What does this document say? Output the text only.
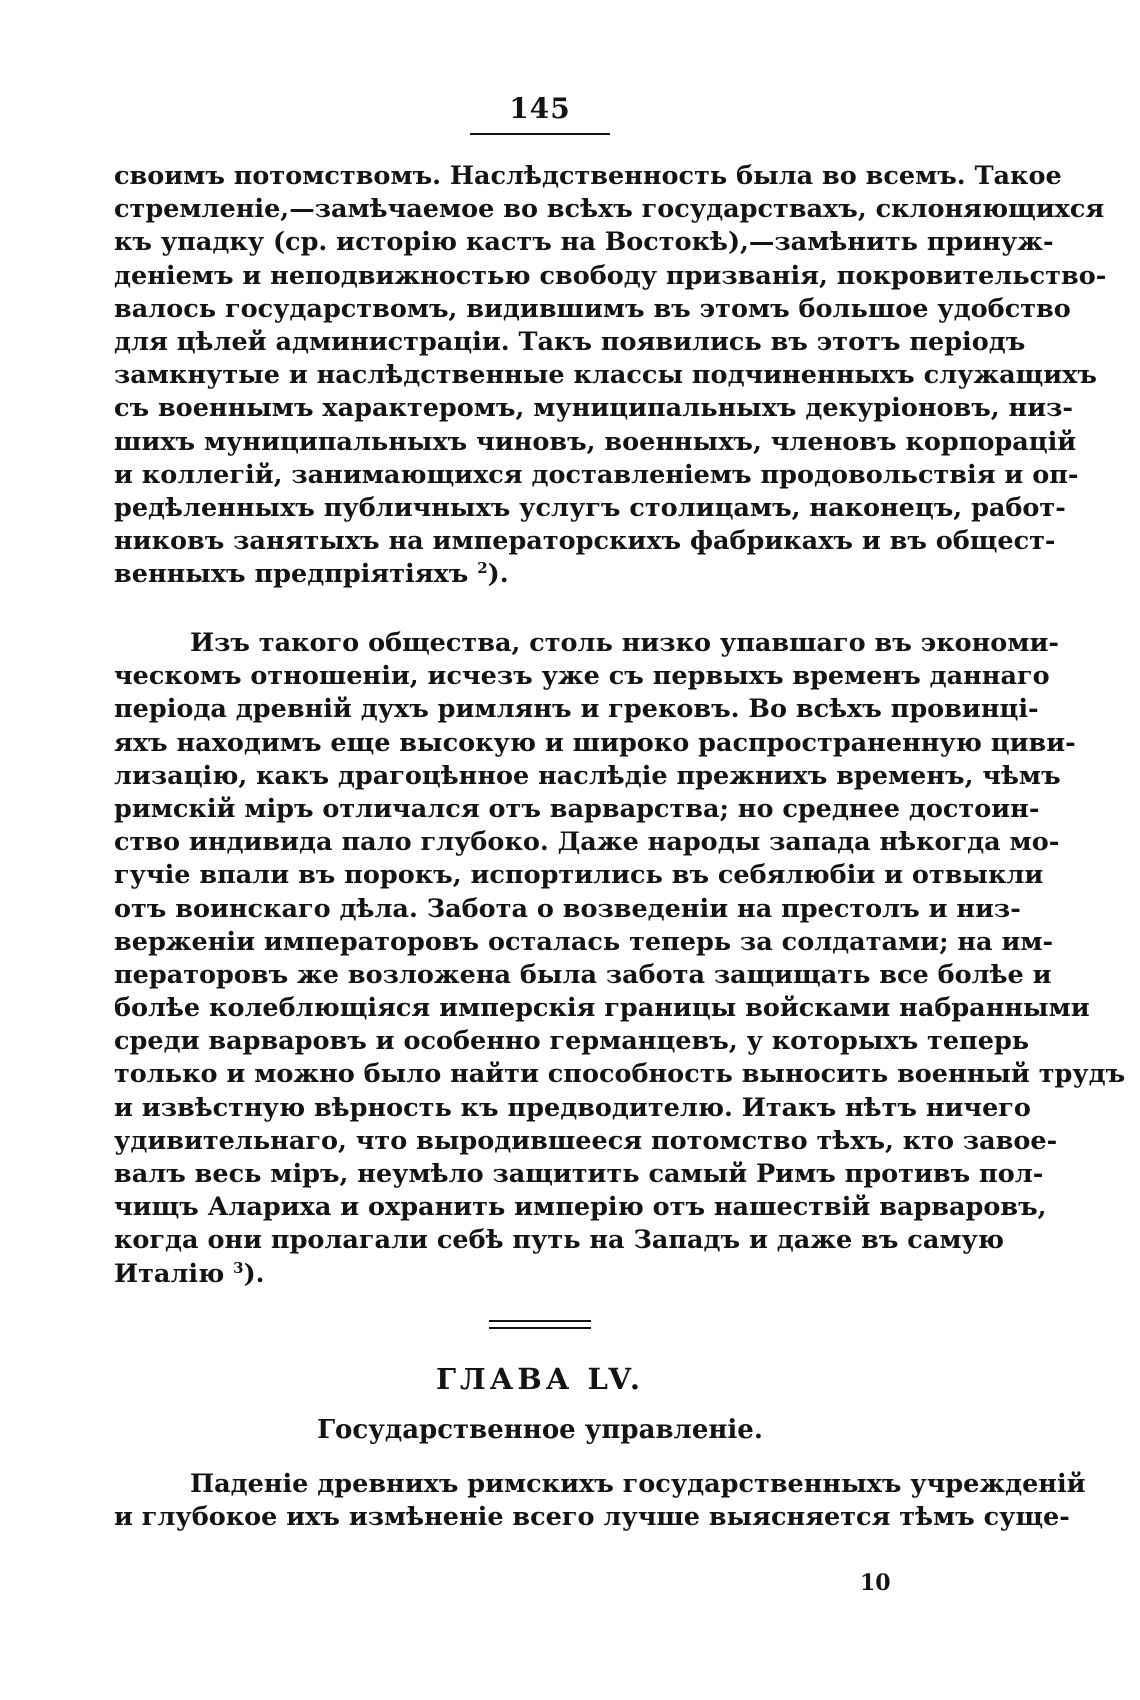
145
своимъ потомствомъ. Наслѣдственность была во всемъ. Такое
стремленіе,—замѣчаемое во всѣхъ государствахъ, склоняющихся
къ упадку (ср. исторію кастъ на Востокѣ),—замѣнить принуж-
деніемъ и неподвижностью свободу призванія, покровительство-
валось государствомъ, видившимъ въ этомъ большое удобство
для цѣлей администраціи. Такъ появились въ этотъ періодъ
замкнутые и наслѣдственные классы подчиненныхъ служащихъ
съ военнымъ характеромъ, муниципальныхъ декуріоновъ, низ-
шихъ муниципальныхъ чиновъ, военныхъ, членовъ корпорацій
и коллегій, занимающихся доставленіемъ продовольствія и оп-
редѣленныхъ публичныхъ услугъ столицамъ, наконецъ, работ-
никовъ занятыхъ на императорскихъ фабрикахъ и въ общест-
венныхъ предпріятіяхъ $^2$).
Изъ такого общества, столь низко упавшаго въ экономи-
ческомъ отношеніи, исчезъ уже съ первыхъ временъ даннаго
періода древній духъ римлянъ и грековъ. Во всѣхъ провинці-
яхъ находимъ еще высокую и широко распространенную циви-
лизацію, какъ драгоцѣнное наслѣдіе прежнихъ временъ, чѣмъ
римскій міръ отличался отъ варварства; но среднее достоин-
ство индивида пало глубоко. Даже народы запада нѣкогда мо-
гучіе впали въ порокъ, испортились въ себялюбіи и отвыкли
отъ воинскаго дѣла. Забота о возведеніи на престолъ и низ-
верженіи императоровъ осталась теперь за солдатами; на им-
ператоровъ же возложена была забота защищать все болѣе и
болѣе колеблющіяся имперскія границы войсками набранными
среди варваровъ и особенно германцевъ, у которыхъ теперь
только и можно было найти способность выносить военный трудъ
и извѣстную вѣрность къ предводителю. Итакъ нѣтъ ничего
удивительнаго, что выродившееся потомство тѣхъ, кто завое-
валъ весь міръ, неумѣло защитить самый Римъ противъ пол-
чищъ Алариха и охранить имперію отъ нашествій варваровъ,
когда они пролагали себѣ путь на Западъ и даже въ самую
Италію $^3$).
ГЛАВА LV.
Государственное управленіе.
Паденіе древнихъ римскихъ государственныхъ учрежденій
и глубокое ихъ измѣненіе всего лучше выясняется тѣмъ суще-
10
